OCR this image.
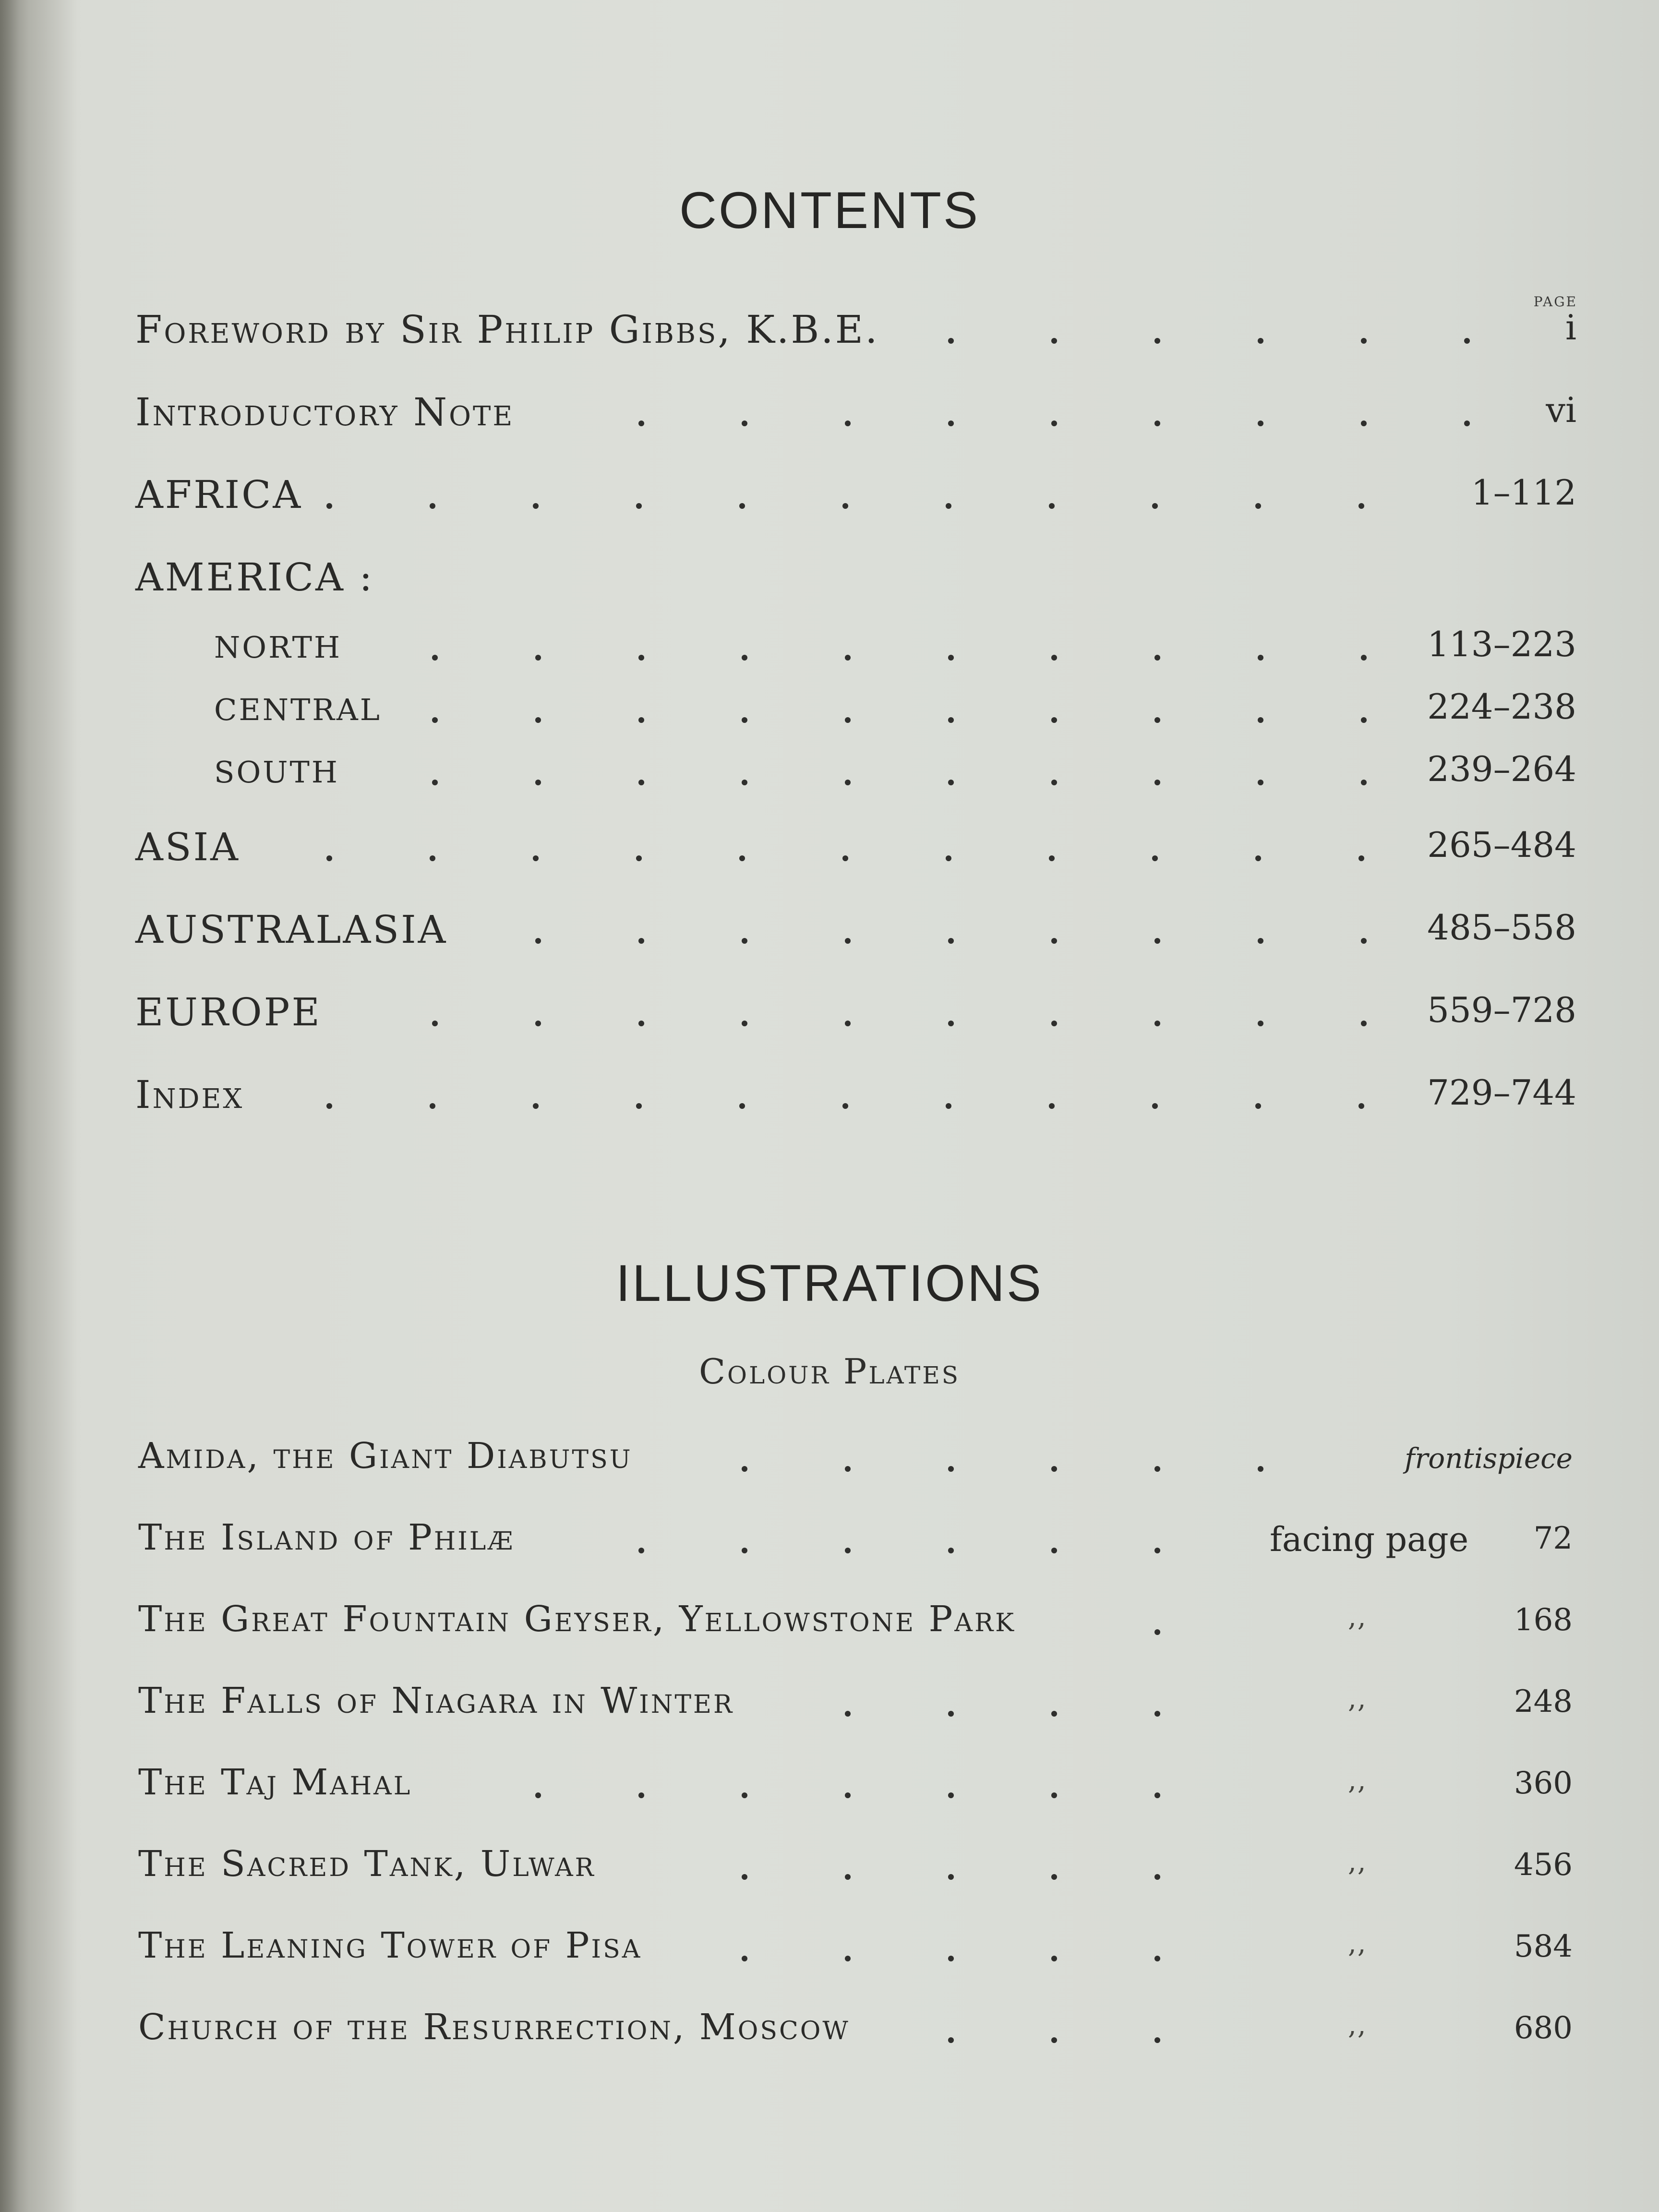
CONTENTS
PAGE
Foreword by Sir Philip Gibbs, K.B.E.	i
Introductory Note	vi
AFRICA	1–112
AMERICA :
NORTH	113–223
CENTRAL	224–238
SOUTH	239–264
ASIA	265–484
AUSTRALASIA	485–558
EUROPE	559–728
Index	729–744
ILLUSTRATIONS
Colour Plates
Amida, the Giant Diabutsu	frontispiece
The Island of Philæ	facing page 72
The Great Fountain Geyser, Yellowstone Park	,,	168
The Falls of Niagara in Winter	,,	248
The Taj Mahal	,,	360
The Sacred Tank, Ulwar	,,	456
The Leaning Tower of Pisa	,,	584
Church of the Resurrection, Moscow	,,	680
